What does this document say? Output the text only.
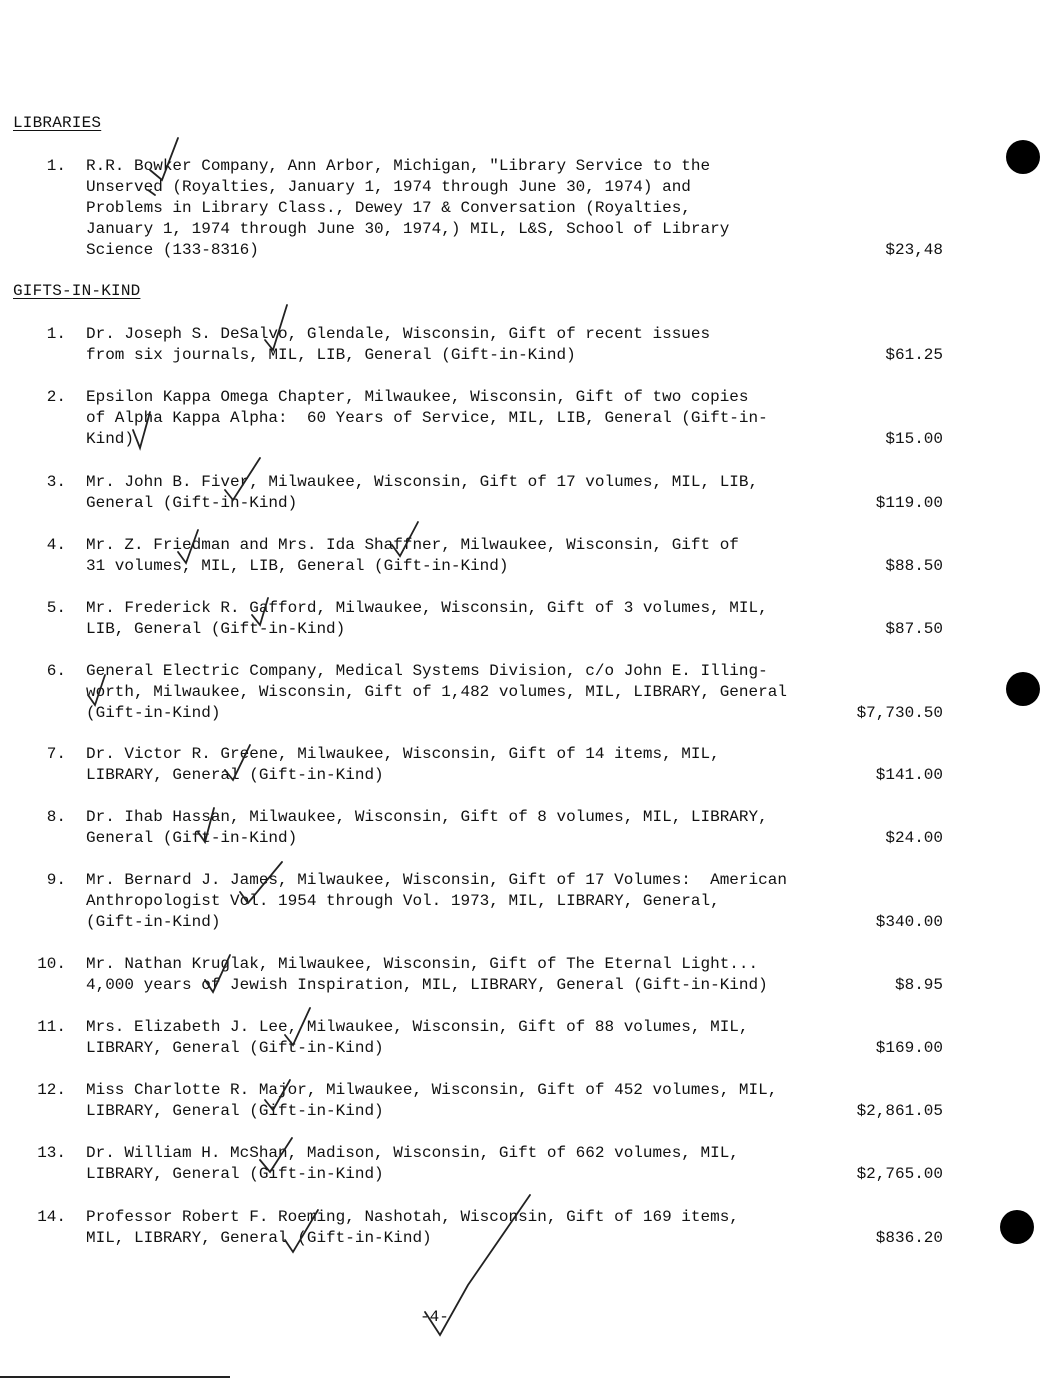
LIBRARIES
1. R.R. Bowker Company, Ann Arbor, Michigan, "Library Service to the
Unserved (Royalties, January 1, 1974 through June 30, 1974) and
Problems in Library Class., Dewey 17 & Conversation (Royalties,
January 1, 1974 through June 30, 1974,) MIL, L&S, School of Library
Science (133-8316)	$23,48
GIFTS-IN-KIND
1. Dr. Joseph S. DeSalvo, Glendale, Wisconsin, Gift of recent issues
from six journals, MIL, LIB, General (Gift-in-Kind)	$61.25
2. Epsilon Kappa Omega Chapter, Milwaukee, Wisconsin, Gift of two copies
of Alpha Kappa Alpha:  60 Years of Service, MIL, LIB, General (Gift-in-
Kind)	$15.00
3. Mr. John B. Fiver, Milwaukee, Wisconsin, Gift of 17 volumes, MIL, LIB,
General (Gift-in-Kind)	$119.00
4. Mr. Z. Friedman and Mrs. Ida Shaffner, Milwaukee, Wisconsin, Gift of
31 volumes, MIL, LIB, General (Gift-in-Kind)	$88.50
5. Mr. Frederick R. Gafford, Milwaukee, Wisconsin, Gift of 3 volumes, MIL,
LIB, General (Gift-in-Kind)	$87.50
6. General Electric Company, Medical Systems Division, c/o John E. Illing-
worth, Milwaukee, Wisconsin, Gift of 1,482 volumes, MIL, LIBRARY, General
(Gift-in-Kind)	$7,730.50
7. Dr. Victor R. Greene, Milwaukee, Wisconsin, Gift of 14 items, MIL,
LIBRARY, General (Gift-in-Kind)	$141.00
8. Dr. Ihab Hassan, Milwaukee, Wisconsin, Gift of 8 volumes, MIL, LIBRARY,
General (Gift-in-Kind)	$24.00
9. Mr. Bernard J. James, Milwaukee, Wisconsin, Gift of 17 Volumes:  American
Anthropologist Vol. 1954 through Vol. 1973, MIL, LIBRARY, General,
(Gift-in-Kind)	$340.00
10. Mr. Nathan Kruglak, Milwaukee, Wisconsin, Gift of The Eternal Light...
4,000 years of Jewish Inspiration, MIL, LIBRARY, General (Gift-in-Kind)	$8.95
11. Mrs. Elizabeth J. Lee, Milwaukee, Wisconsin, Gift of 88 volumes, MIL,
LIBRARY, General (Gift-in-Kind)	$169.00
12. Miss Charlotte R. Major, Milwaukee, Wisconsin, Gift of 452 volumes, MIL,
LIBRARY, General (Gift-in-Kind)	$2,861.05
13. Dr. William H. McShan, Madison, Wisconsin, Gift of 662 volumes, MIL,
LIBRARY, General (Gift-in-Kind)	$2,765.00
14. Professor Robert F. Roeming, Nashotah, Wisconsin, Gift of 169 items,
MIL, LIBRARY, General (Gift-in-Kind)	$836.20
-4-
